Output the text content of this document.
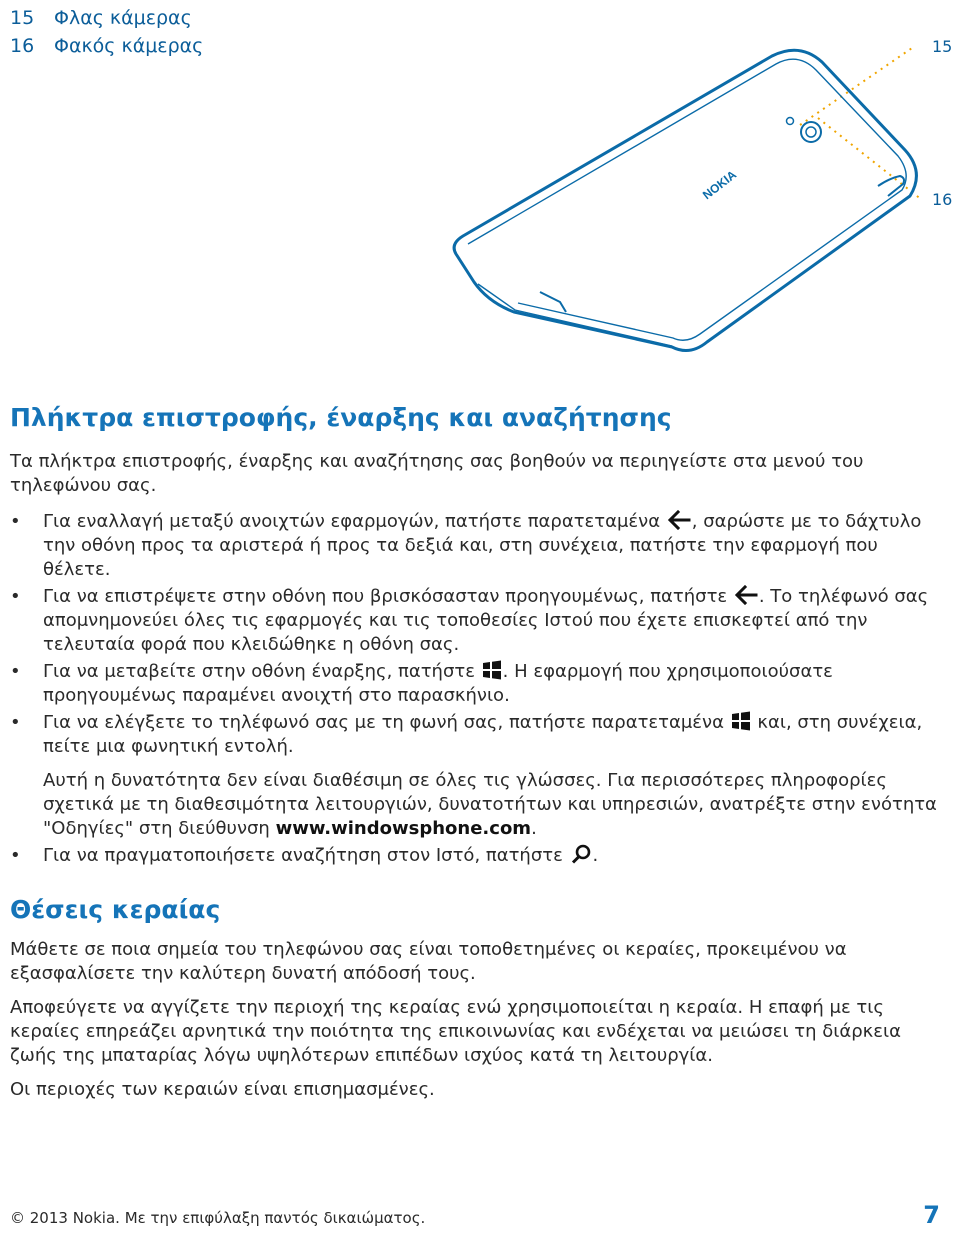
15	Φλας κάμερας
16	Φακός κάμερας
NOKIA
15
16
Πλήκτρα επιστροφής, έναρξης και αναζήτησης

Τα πλήκτρα επιστροφής, έναρξης και αναζήτησης σας βοηθούν να περιηγείστε στα μενού του τηλεφώνου σας.

• Για εναλλαγή μεταξύ ανοιχτών εφαρμογών, πατήστε παρατεταμένα
, σαρώστε με το δάχτυλο την οθόνη προς τα αριστερά ή προς τα δεξιά και, στη συνέχεια, πατήστε την εφαρμογή που θέλετε.
• Για να επιστρέψετε στην οθόνη που βρισκόσασταν προηγουμένως, πατήστε
. Το τηλέφωνό σας απομνημονεύει όλες τις εφαρμογές και τις τοποθεσίες Ιστού που έχετε επισκεφτεί από την τελευταία φορά που κλειδώθηκε η οθόνη σας.
• Για να μεταβείτε στην οθόνη έναρξης, πατήστε
. Η εφαρμογή που χρησιμοποιούσατε προηγουμένως παραμένει ανοιχτή στο παρασκήνιο.
• Για να ελέγξετε το τηλέφωνό σας με τη φωνή σας, πατήστε παρατεταμένα
και, στη συνέχεια, πείτε μια φωνητική εντολή.

Αυτή η δυνατότητα δεν είναι διαθέσιμη σε όλες τις γλώσσες. Για περισσότερες πληροφορίες σχετικά με τη διαθεσιμότητα λειτουργιών, δυνατοτήτων και υπηρεσιών, ανατρέξτε στην ενότητα "Οδηγίες" στη διεύθυνση www.windowsphone.com.

• Για να πραγματοποιήσετε αναζήτηση στον Ιστό, πατήστε
.
Θέσεις κεραίας

Μάθετε σε ποια σημεία του τηλεφώνου σας είναι τοποθετημένες οι κεραίες, προκειμένου να εξασφαλίσετε την καλύτερη δυνατή απόδοσή τους.

Αποφεύγετε να αγγίζετε την περιοχή της κεραίας ενώ χρησιμοποιείται η κεραία. Η επαφή με τις κεραίες επηρεάζει αρνητικά την ποιότητα της επικοινωνίας και ενδέχεται να μειώσει τη διάρκεια ζωής της μπαταρίας λόγω υψηλότερων επιπέδων ισχύος κατά τη λειτουργία.

Οι περιοχές των κεραιών είναι επισημασμένες.

© 2013 Nokia. Με την επιφύλαξη παντός δικαιώματος.	7
